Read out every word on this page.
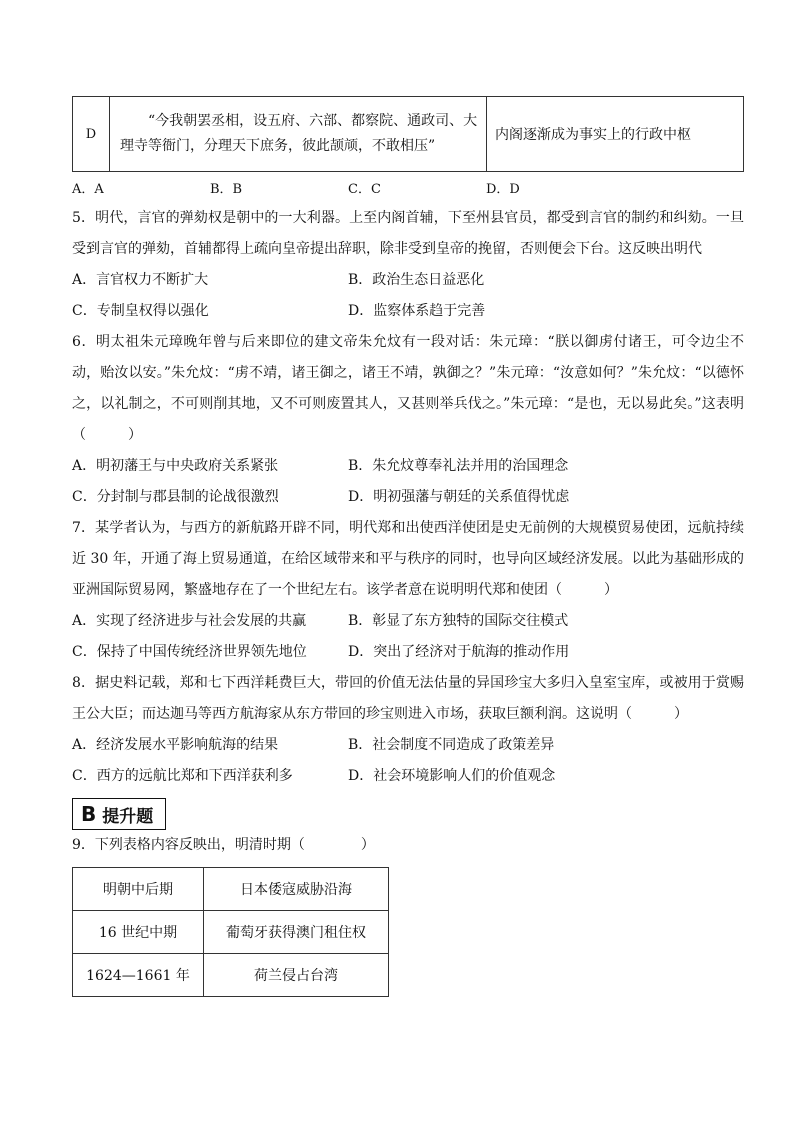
D	“今我朝罢丞相，设五府、六部、都察院、通政司、大理寺等衙门，分理天下庶务，彼此颉颃，不敢相压”	内阁逐渐成为事实上的行政中枢
A．A	B．B	C．C	D．D
5．明代，言官的弹劾权是朝中的一大利器。上至内阁首辅，下至州县官员，都受到言官的制约和纠劾。一旦受到言官的弹劾，首辅都得上疏向皇帝提出辞职，除非受到皇帝的挽留，否则便会下台。这反映出明代
A．言官权力不断扩大	B．政治生态日益恶化
C．专制皇权得以强化	D．监察体系趋于完善
6．明太祖朱元璋晚年曾与后来即位的建文帝朱允炆有一段对话：朱元璋：“朕以御虏付诸王，可令边尘不动，贻汝以安。”朱允炆：“虏不靖，诸王御之，诸王不靖，孰御之？”朱元璋：“汝意如何？”朱允炆：“以德怀之，以礼制之，不可则削其地，又不可则废置其人，又甚则举兵伐之。”朱元璋：“是也，无以易此矣。”这表明（　　　）
A．明初藩王与中央政府关系紧张	B．朱允炆尊奉礼法并用的治国理念
C．分封制与郡县制的论战很激烈	D．明初强藩与朝廷的关系值得忧虑
7．某学者认为，与西方的新航路开辟不同，明代郑和出使西洋使团是史无前例的大规模贸易使团，远航持续近 30 年，开通了海上贸易通道，在给区域带来和平与秩序的同时，也导向区域经济发展。以此为基础形成的亚洲国际贸易网，繁盛地存在了一个世纪左右。该学者意在说明明代郑和使团（　　　）
A．实现了经济进步与社会发展的共赢	B．彰显了东方独特的国际交往模式
C．保持了中国传统经济世界领先地位	D．突出了经济对于航海的推动作用
8．据史料记载，郑和七下西洋耗费巨大，带回的价值无法估量的异国珍宝大多归入皇室宝库，或被用于赏赐王公大臣；而达迦马等西方航海家从东方带回的珍宝则进入市场，获取巨额利润。这说明（　　　）
A．经济发展水平影响航海的结果	B．社会制度不同造成了政策差异
C．西方的远航比郑和下西洋获利多	D．社会环境影响人们的价值观念
B 提升题
9．下列表格内容反映出，明清时期（　　　　）
明朝中后期	日本倭寇威胁沿海
16 世纪中期	葡萄牙获得澳门租住权
1624—1661 年	荷兰侵占台湾
